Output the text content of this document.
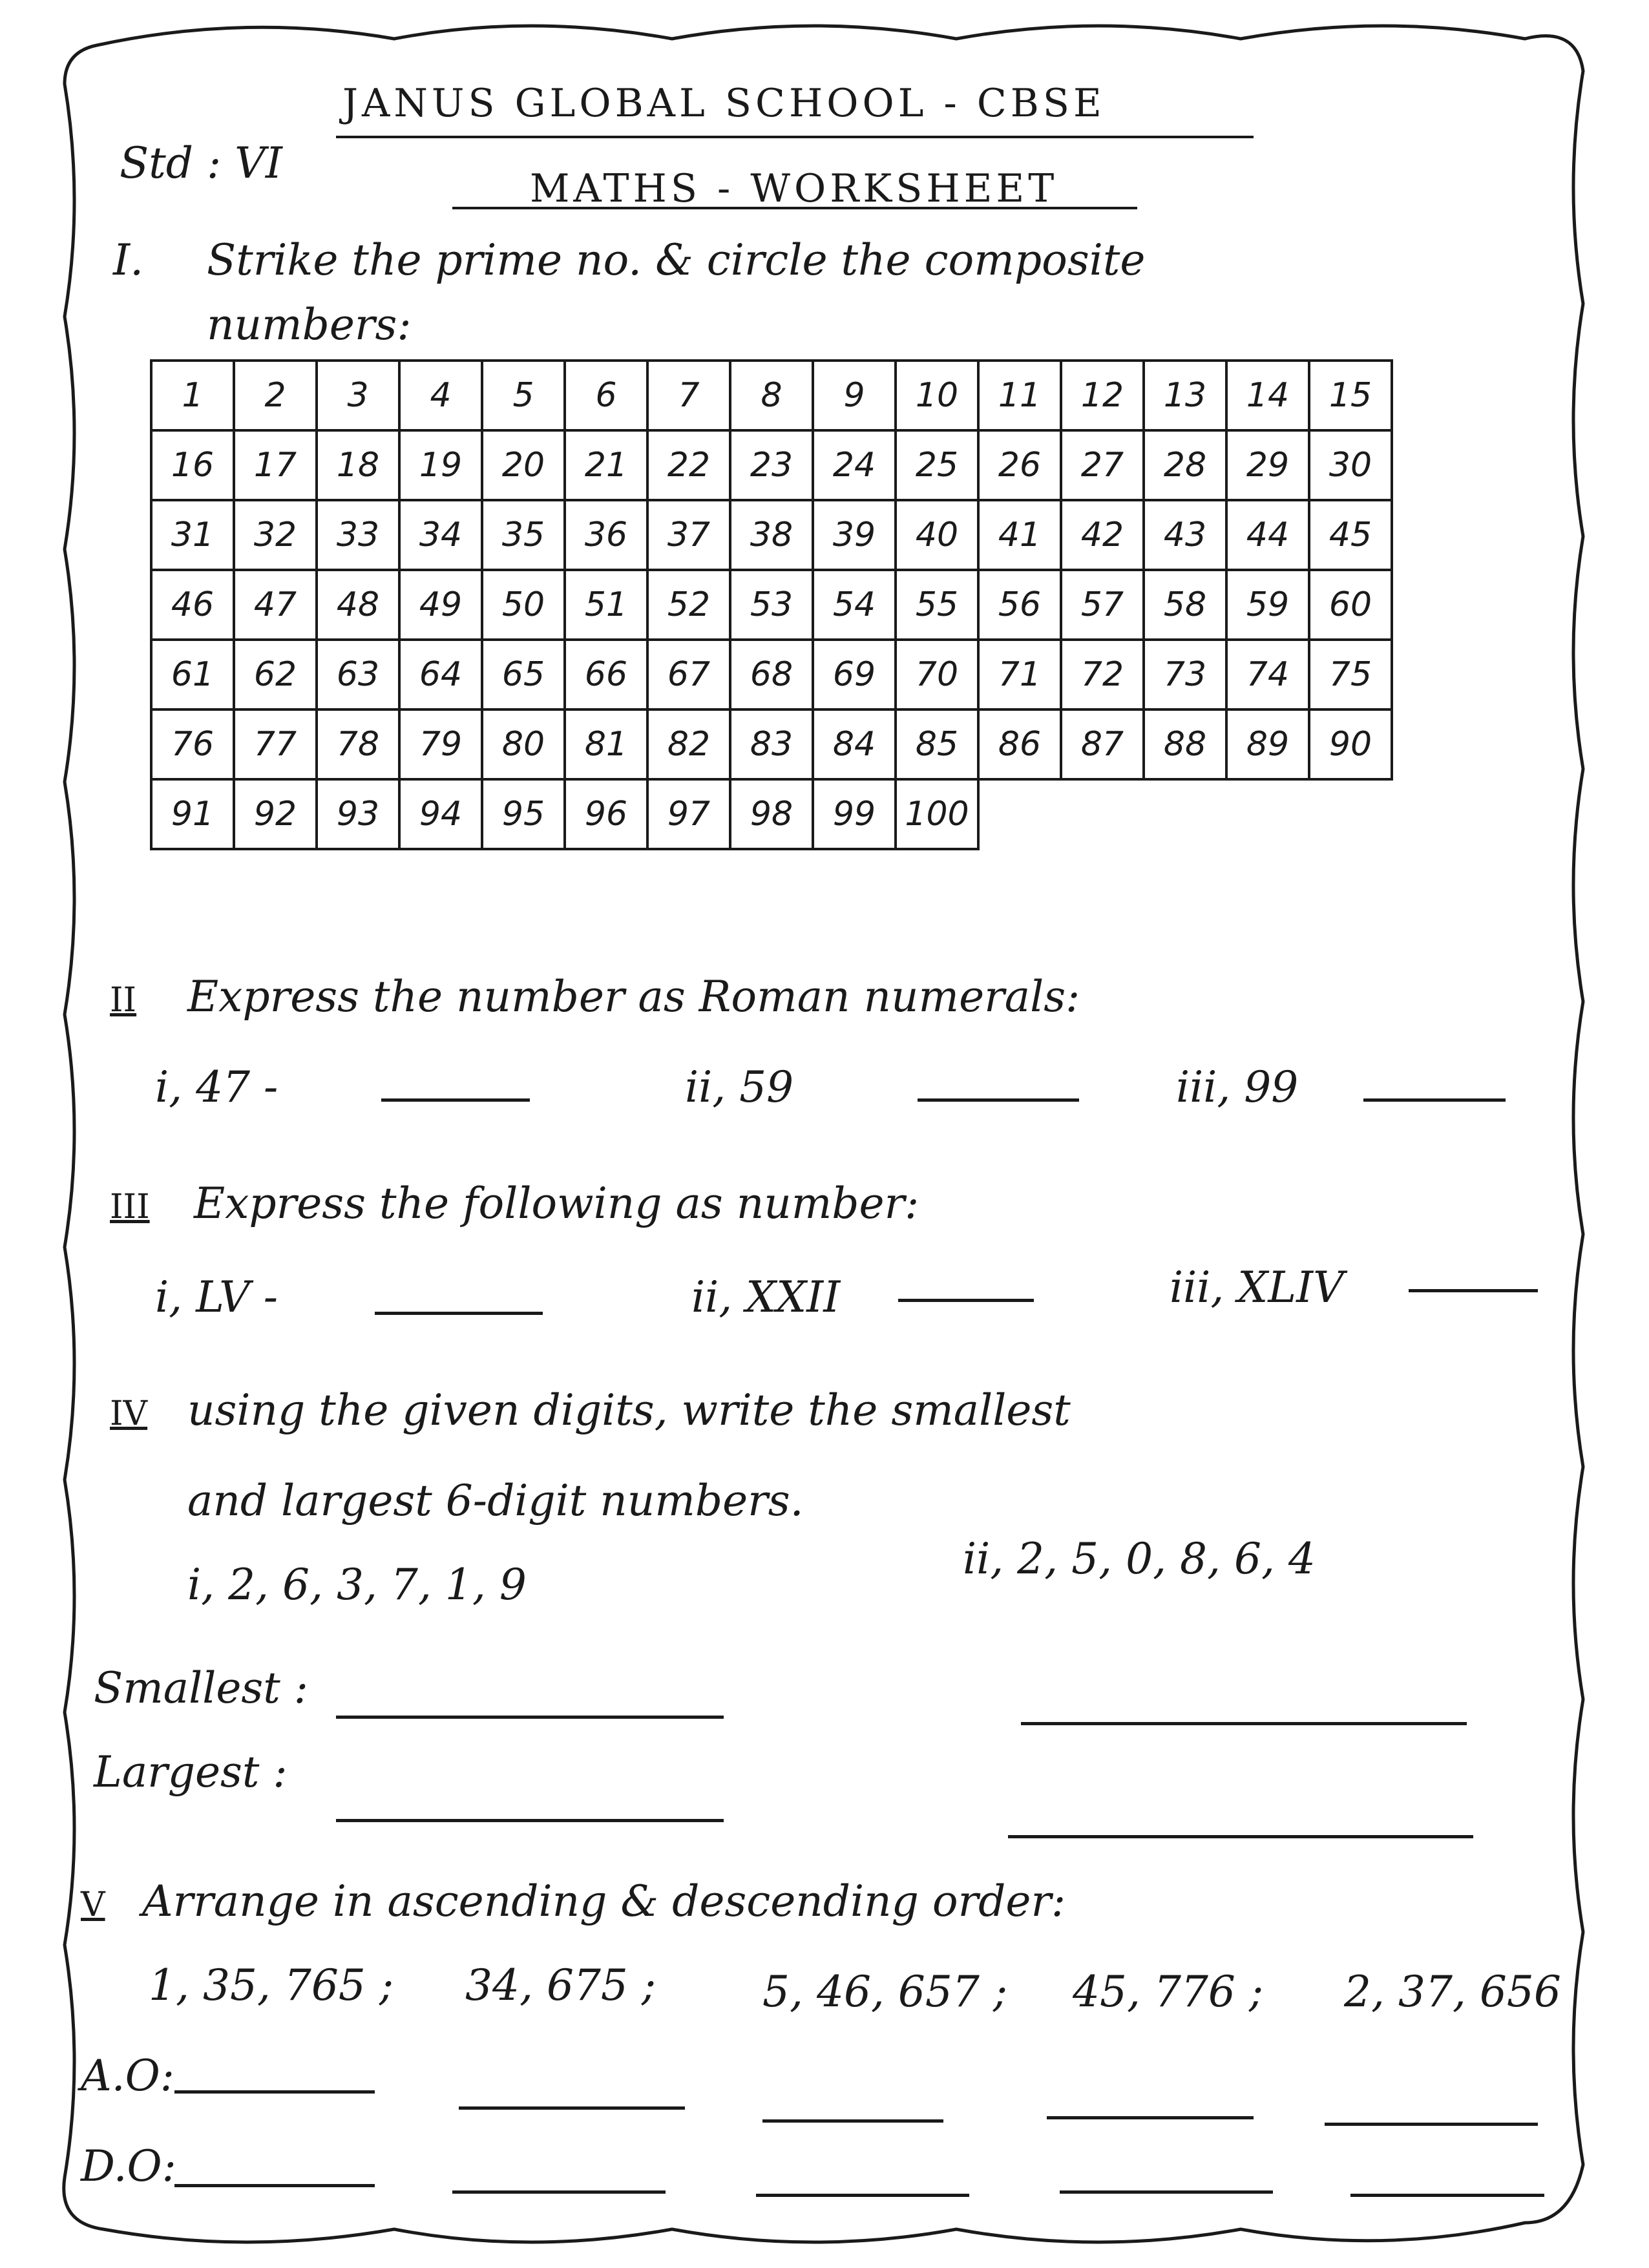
JANUS GLOBAL SCHOOL - CBSE
Std : VI
MATHS - WORKSHEET
I. Strike the prime no. & circle the composite
numbers:
1	2	3	4	5	6	7	8	9	10	11	12	13	14	15
16	17	18	19	20	21	22	23	24	25	26	27	28	29	30
31	32	33	34	35	36	37	38	39	40	41	42	43	44	45
46	47	48	49	50	51	52	53	54	55	56	57	58	59	60
61	62	63	64	65	66	67	68	69	70	71	72	73	74	75
76	77	78	79	80	81	82	83	84	85	86	87	88	89	90
91	92	93	94	95	96	97	98	99 100
II Express the number as Roman numerals:
i, 47 -	ii, 59	iii, 99
III Express the following as number:
i, LV -	ii, XXII	iii, XLIV
IV using the given digits, write the smallest
and largest 6-digit numbers.
i, 2, 6, 3, 7, 1, 9
ii, 2, 5, 0, 8, 6, 4
Smallest :
Largest :
V Arrange in ascending & descending order:
1, 35, 765 ; 34, 675 ; 5, 46, 657 ; 45, 776 ; 2, 37, 656
A.O:
D.O:
